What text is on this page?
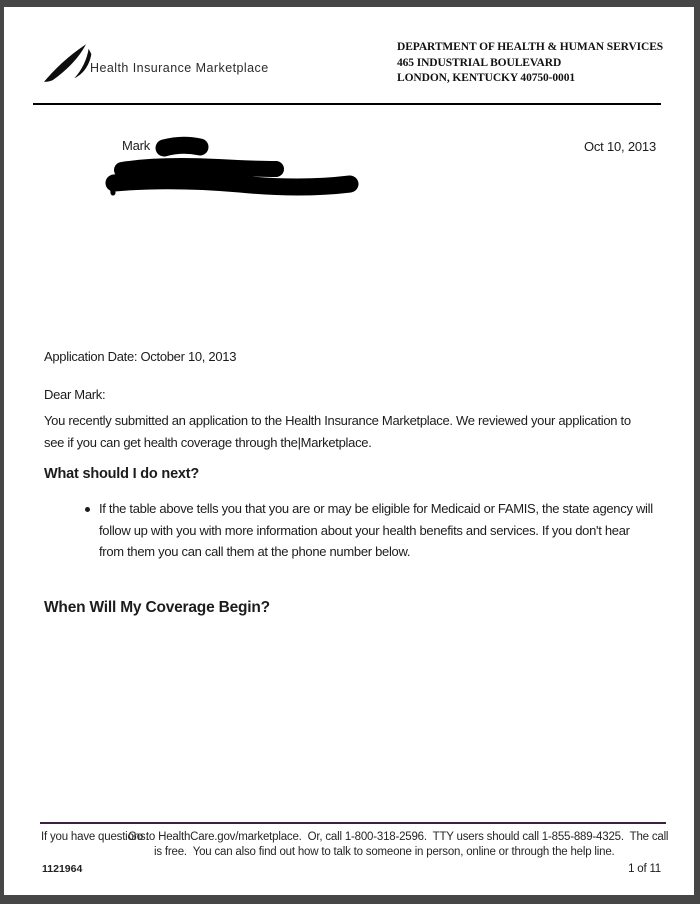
Health Insurance Marketplace
DEPARTMENT OF HEALTH & HUMAN SERVICES
465 INDUSTRIAL BOULEVARD
LONDON, KENTUCKY 40750-0001
Mark	Oct 10, 2013
50-2
Application Date: October 10, 2013
Dear Mark:
You recently submitted an application to the Health Insurance Marketplace. We reviewed your application to
see if you can get health coverage through the|Marketplace.
What should I do next?
If the table above tells you that you are or may be eligible for Medicaid or FAMIS, the state agency will
follow up with you with more information about your health benefits and services. If you don't hear
from them you can call them at the phone number below.
When Will My Coverage Begin?
If you have questions:
Go to HealthCare.gov/marketplace.  Or, call 1-800-318-2596.  TTY users should call 1-855-889-4325.  The call
is free.  You can also find out how to talk to someone in person, online or through the help line.
1121964	1 of 11
